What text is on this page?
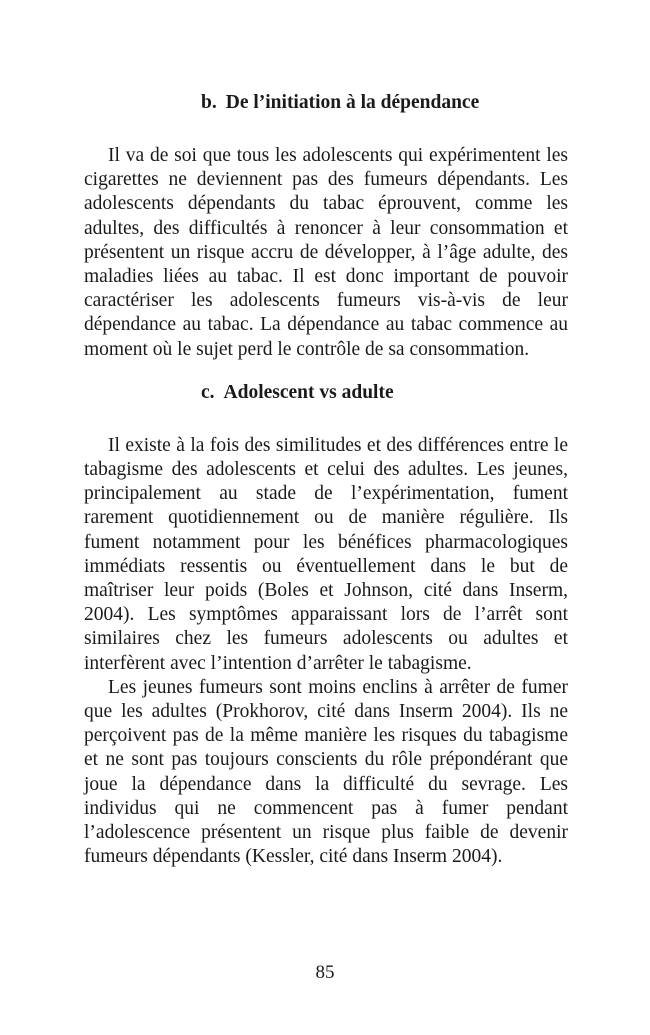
b. De l’initiation à la dépendance

Il va de soi que tous les adolescents qui expérimentent les cigarettes ne deviennent pas des fumeurs dépendants. Les adolescents dépendants du tabac éprouvent, comme les adultes, des difficultés à renoncer à leur consommation et présentent un risque accru de développer, à l’âge adulte, des maladies liées au tabac. Il est donc important de pouvoir caractériser les adolescents fumeurs vis-à-vis de leur dépendance au tabac. La dépendance au tabac commence au moment où le sujet perd le contrôle de sa consommation.

c. Adolescent vs adulte

Il existe à la fois des similitudes et des différences entre le tabagisme des adolescents et celui des adultes. Les jeunes, principalement au stade de l’expérimentation, fument rarement quotidiennement ou de manière régulière. Ils fument notamment pour les bénéfices pharmacologiques immédiats ressentis ou éventuellement dans le but de maîtriser leur poids (Boles et Johnson, cité dans Inserm, 2004). Les symptômes apparaissant lors de l’arrêt sont similaires chez les fumeurs adolescents ou adultes et interfèrent avec l’intention d’arrêter le tabagisme.

Les jeunes fumeurs sont moins enclins à arrêter de fumer que les adultes (Prokhorov, cité dans Inserm 2004). Ils ne perçoivent pas de la même manière les risques du tabagisme et ne sont pas toujours conscients du rôle prépondérant que joue la dépendance dans la difficulté du sevrage. Les individus qui ne commencent pas à fumer pendant l’adolescence présentent un risque plus faible de devenir fumeurs dépendants (Kessler, cité dans Inserm 2004).

85
